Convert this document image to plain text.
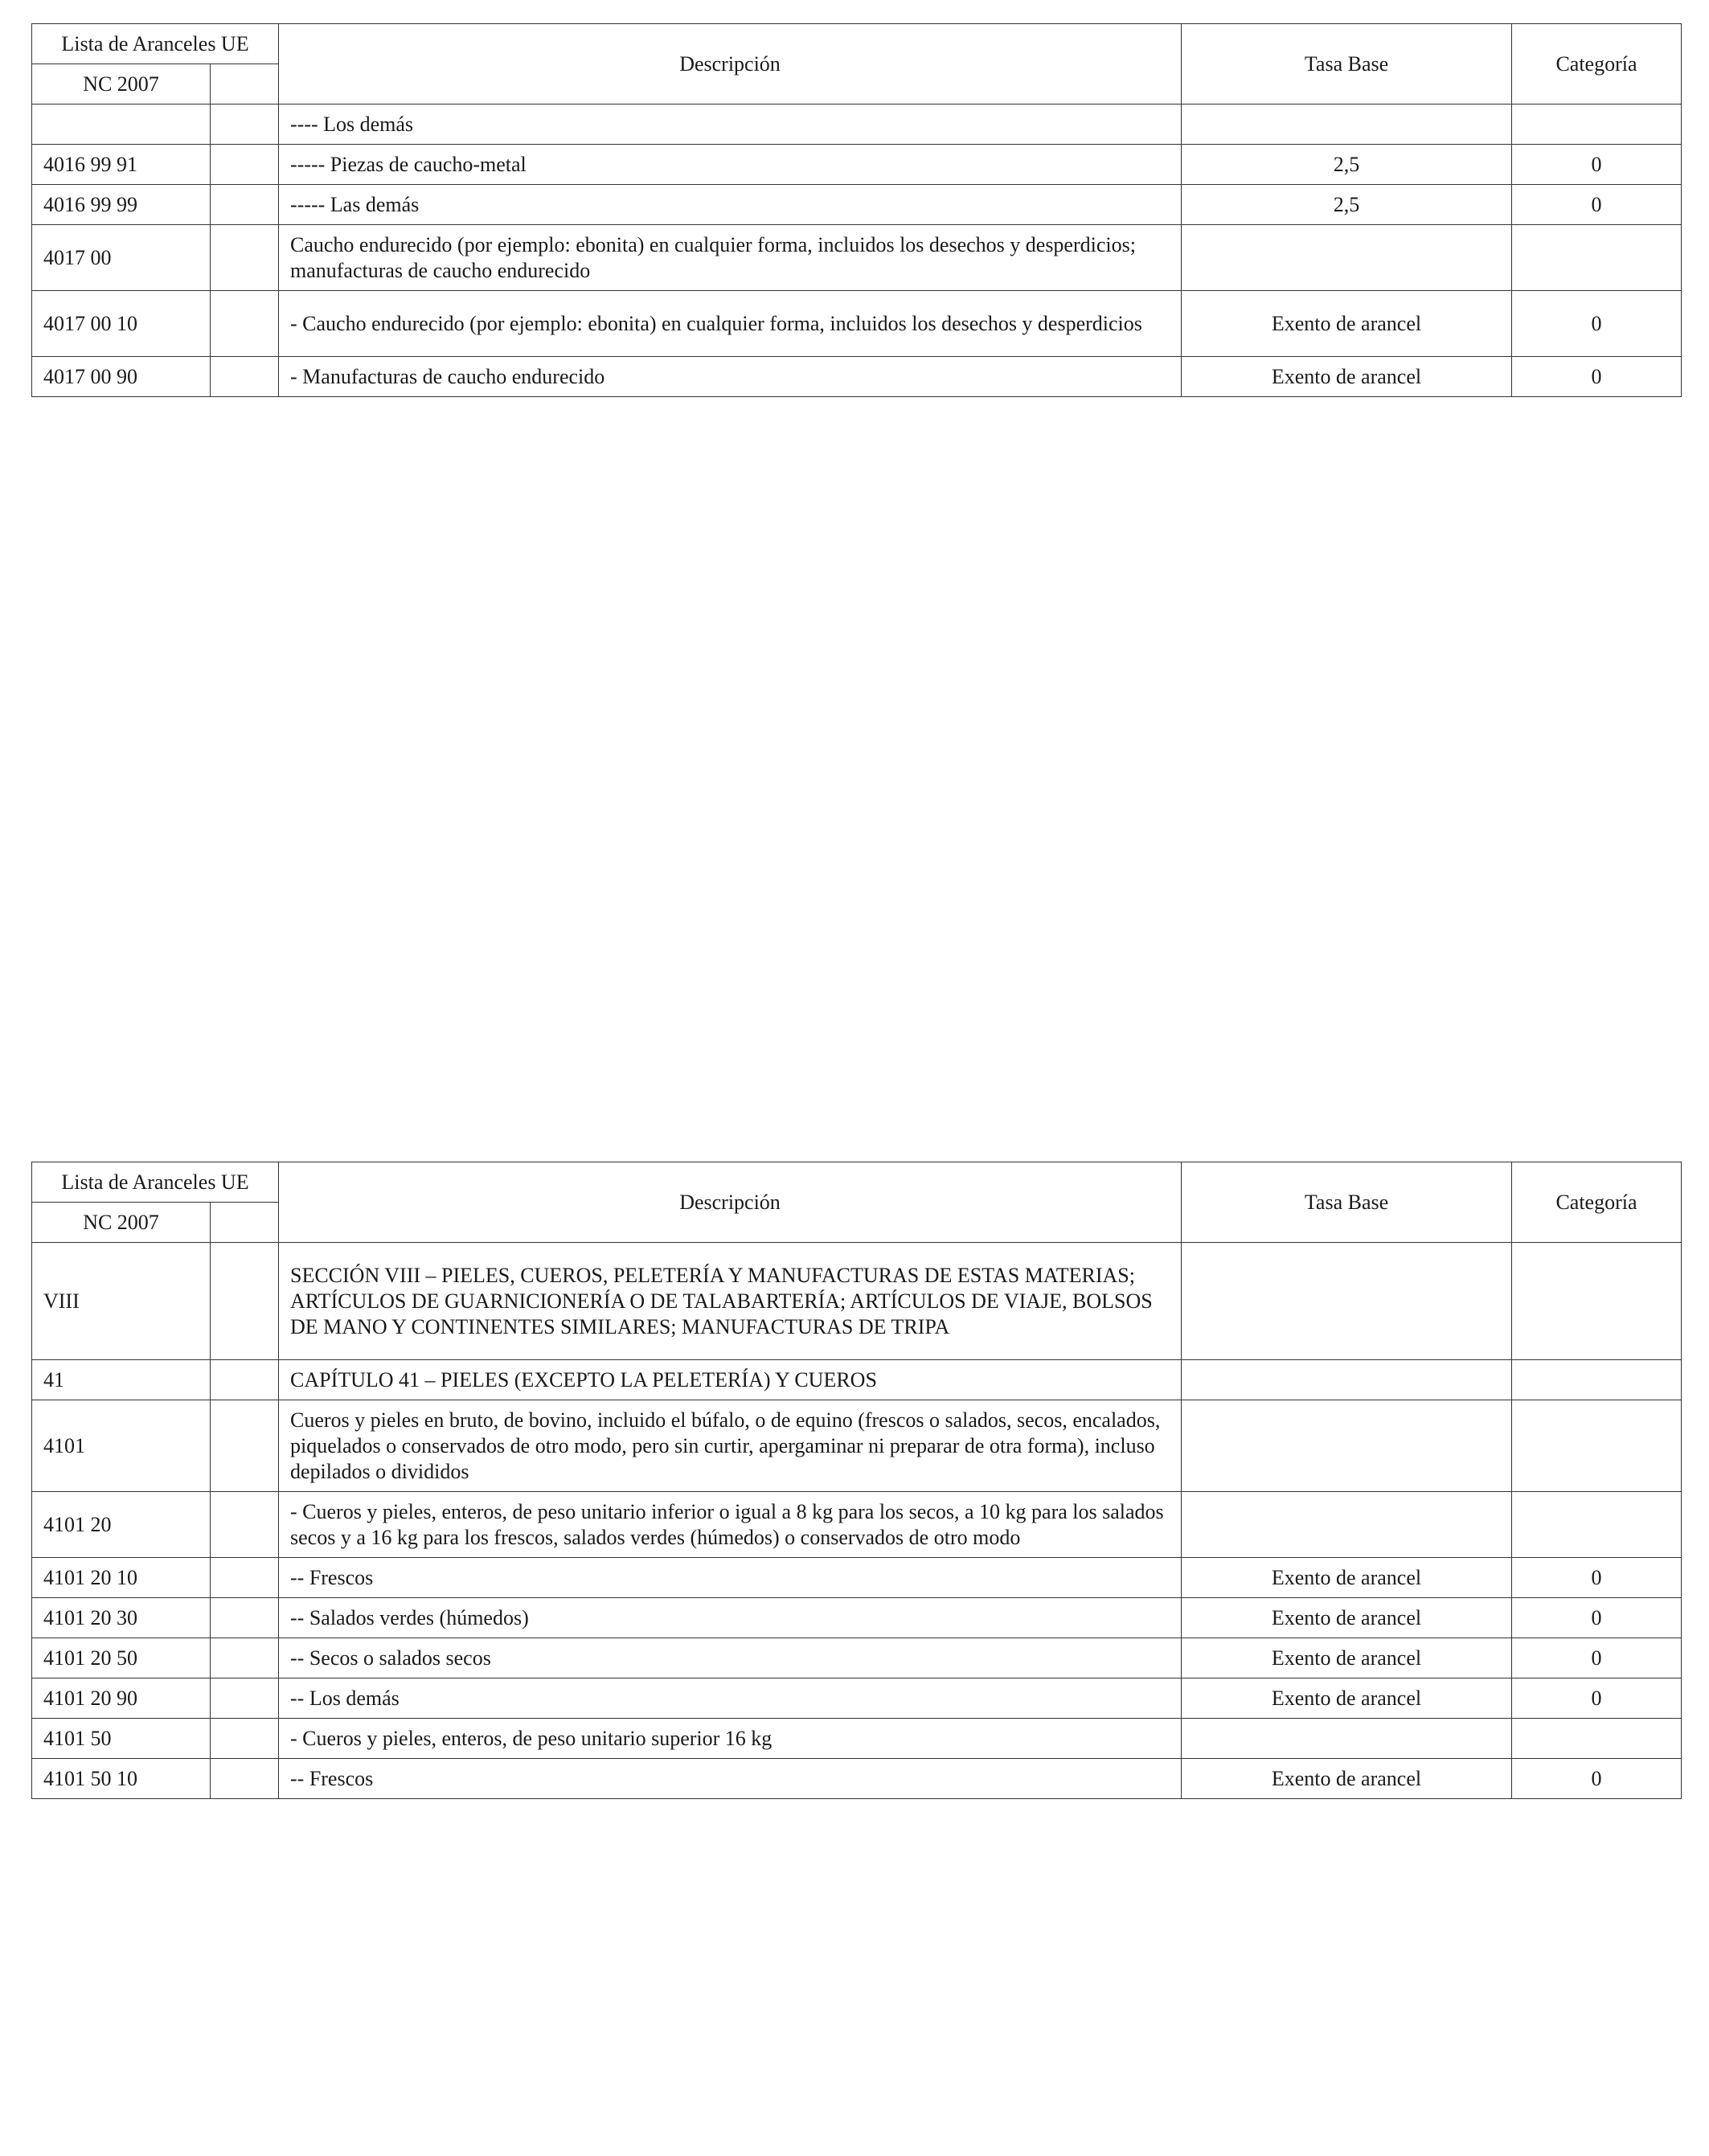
Lista de Aranceles UE		Descripción	Tasa Base	Categoría
NC 2007				
		---- Los demás		
4016 99 91		----- Piezas de caucho-metal	2,5	0
4016 99 99		----- Las demás	2,5	0
4017 00		Caucho endurecido (por ejemplo: ebonita) en cualquier forma, incluidos los desechos y desperdicios; manufacturas de caucho endurecido		
4017 00 10		- Caucho endurecido (por ejemplo: ebonita) en cualquier forma, incluidos los desechos y desperdicios	Exento de arancel	0
4017 00 90		- Manufacturas de caucho endurecido	Exento de arancel	0
Lista de Aranceles UE		Descripción	Tasa Base	Categoría
NC 2007				
VIII		SECCIÓN VIII – PIELES, CUEROS, PELETERÍA Y MANUFACTURAS DE ESTAS MATERIAS; ARTÍCULOS DE GUARNICIONERÍA O DE TALABARTERÍA; ARTÍCULOS DE VIAJE, BOLSOS DE MANO Y CONTINENTES SIMILARES; MANUFACTURAS DE TRIPA		
41		CAPÍTULO 41 – PIELES (EXCEPTO LA PELETERÍA) Y CUEROS		
4101		Cueros y pieles en bruto, de bovino, incluido el búfalo, o de equino (frescos o salados, secos, encalados, piquelados o conservados de otro modo, pero sin curtir, apergaminar ni preparar de otra forma), incluso depilados o divididos		
4101 20		- Cueros y pieles, enteros, de peso unitario inferior o igual a 8 kg para los secos, a 10 kg para los salados secos y a 16 kg para los frescos, salados verdes (húmedos) o conservados de otro modo		
4101 20 10		-- Frescos	Exento de arancel	0
4101 20 30		-- Salados verdes (húmedos)	Exento de arancel	0
4101 20 50		-- Secos o salados secos	Exento de arancel	0
4101 20 90		-- Los demás	Exento de arancel	0
4101 50		- Cueros y pieles, enteros, de peso unitario superior 16 kg		
4101 50 10		-- Frescos	Exento de arancel	0
